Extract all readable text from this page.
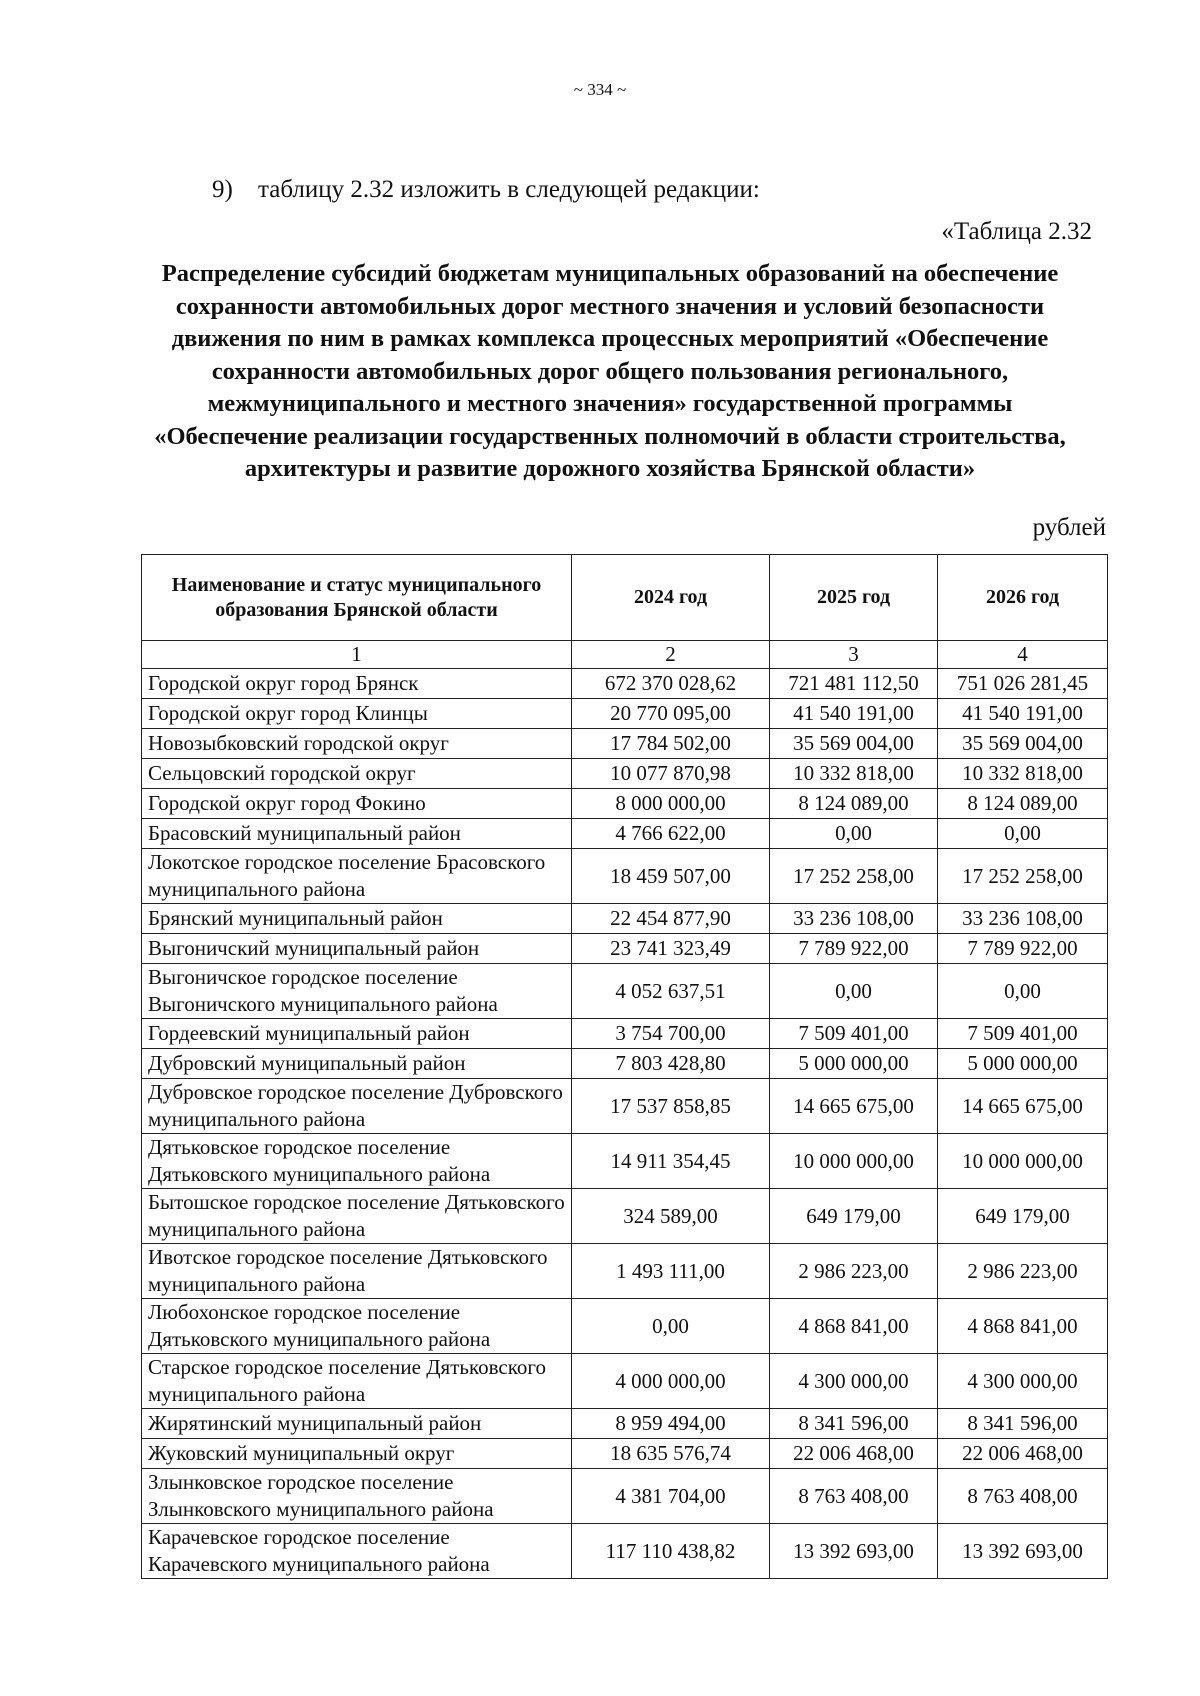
~ 334 ~
9) таблицу 2.32 изложить в следующей редакции:
«Таблица 2.32
Распределение субсидий бюджетам муниципальных образований на обеспечение сохранности автомобильных дорог местного значения и условий безопасности движения по ним в рамках комплекса процессных мероприятий «Обеспечение сохранности автомобильных дорог общего пользования регионального, межмуниципального и местного значения» государственной программы «Обеспечение реализации государственных полномочий в области строительства, архитектуры и развитие дорожного хозяйства Брянской области»
рублей
Наименование и статус муниципального образования Брянской области	2024 год	2025 год	2026 год
1	2	3	4
Городской округ город Брянск	672 370 028,62	721 481 112,50	751 026 281,45
Городской округ город Клинцы	20 770 095,00	41 540 191,00	41 540 191,00
Новозыбковский городской округ	17 784 502,00	35 569 004,00	35 569 004,00
Сельцовский городской округ	10 077 870,98	10 332 818,00	10 332 818,00
Городской округ город Фокино	8 000 000,00	8 124 089,00	8 124 089,00
Брасовский муниципальный район	4 766 622,00	0,00	0,00
Локотское городское поселение Брасовского муниципального района	18 459 507,00	17 252 258,00	17 252 258,00
Брянский муниципальный район	22 454 877,90	33 236 108,00	33 236 108,00
Выгоничский муниципальный район	23 741 323,49	7 789 922,00	7 789 922,00
Выгоничское городское поселение Выгоничского муниципального района	4 052 637,51	0,00	0,00
Гордеевский муниципальный район	3 754 700,00	7 509 401,00	7 509 401,00
Дубровский муниципальный район	7 803 428,80	5 000 000,00	5 000 000,00
Дубровское городское поселение Дубровского муниципального района	17 537 858,85	14 665 675,00	14 665 675,00
Дятьковское городское поселение Дятьковского муниципального района	14 911 354,45	10 000 000,00	10 000 000,00
Бытошское городское поселение Дятьковского муниципального района	324 589,00	649 179,00	649 179,00
Ивотское городское поселение Дятьковского муниципального района	1 493 111,00	2 986 223,00	2 986 223,00
Любохонское городское поселение Дятьковского муниципального района	0,00	4 868 841,00	4 868 841,00
Старское городское поселение Дятьковского муниципального района	4 000 000,00	4 300 000,00	4 300 000,00
Жирятинский муниципальный район	8 959 494,00	8 341 596,00	8 341 596,00
Жуковский муниципальный округ	18 635 576,74	22 006 468,00	22 006 468,00
Злынковское городское поселение Злынковского муниципального района	4 381 704,00	8 763 408,00	8 763 408,00
Карачевское городское поселение Карачевского муниципального района	117 110 438,82	13 392 693,00	13 392 693,00
